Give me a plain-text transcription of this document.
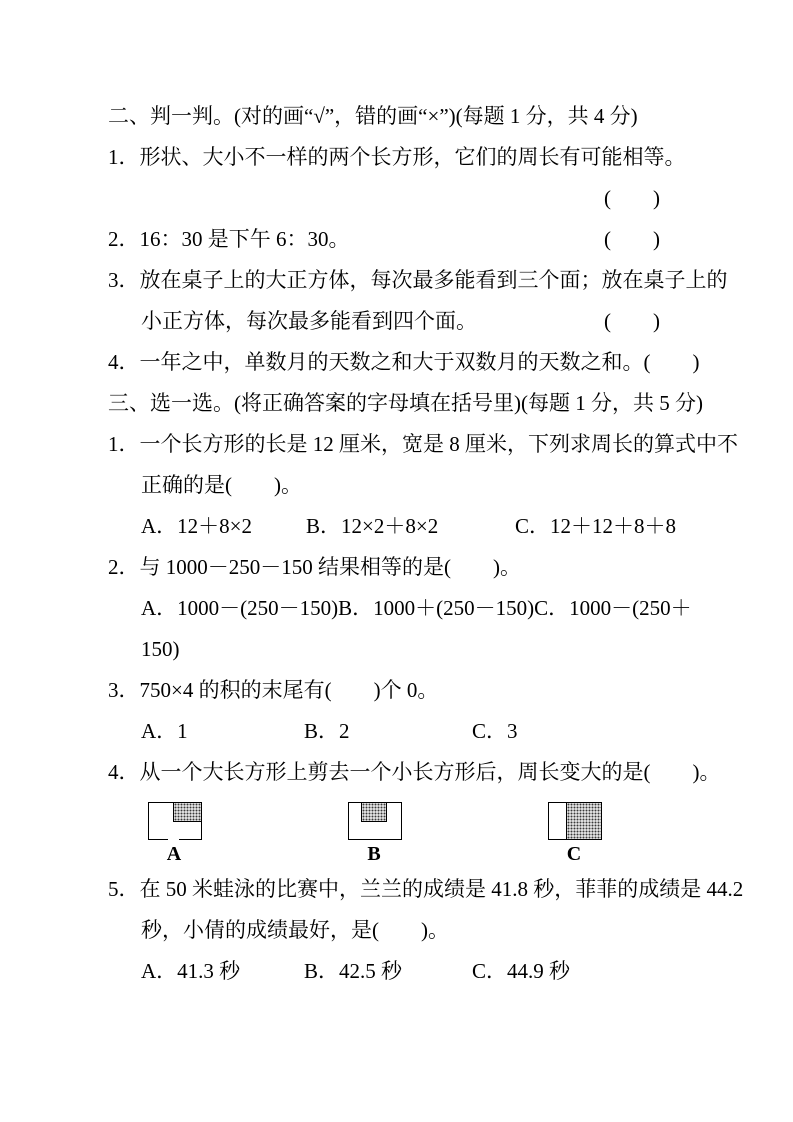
二、判一判。(对的画“√”，错的画“×”)(每题 1 分，共 4 分)
1．形状、大小不一样的两个长方形，它们的周长有可能相等。
(　　)
2．16：30 是下午 6：30。	(　　)
3．放在桌子上的大正方体，每次最多能看到三个面；放在桌子上的
小正方体，每次最多能看到四个面。	(　　)
4．一年之中，单数月的天数之和大于双数月的天数之和。 (　　)
三、选一选。(将正确答案的字母填在括号里)(每题 1 分，共 5 分)
1．一个长方形的长是 12 厘米，宽是 8 厘米，下列求周长的算式中不
正确的是(　　)。
A．12＋8×2	B．12×2＋8×2	C．12＋12＋8＋8
2．与 1000－250－150 结果相等的是(　　)。
A．1000－(250－150) B．1000＋(250－150) C．1000－(250＋
150)
3．750×4 的积的末尾有(　　)个 0。
A．1	B．2	C．3
4．从一个大长方形上剪去一个小长方形后，周长变大的是(　　)。
A	B	C
5．在 50 米蛙泳的比赛中，兰兰的成绩是 41.8 秒，菲菲的成绩是 44.2
秒，小倩的成绩最好，是(　　)。
A．41.3 秒	B．42.5 秒	C．44.9 秒
